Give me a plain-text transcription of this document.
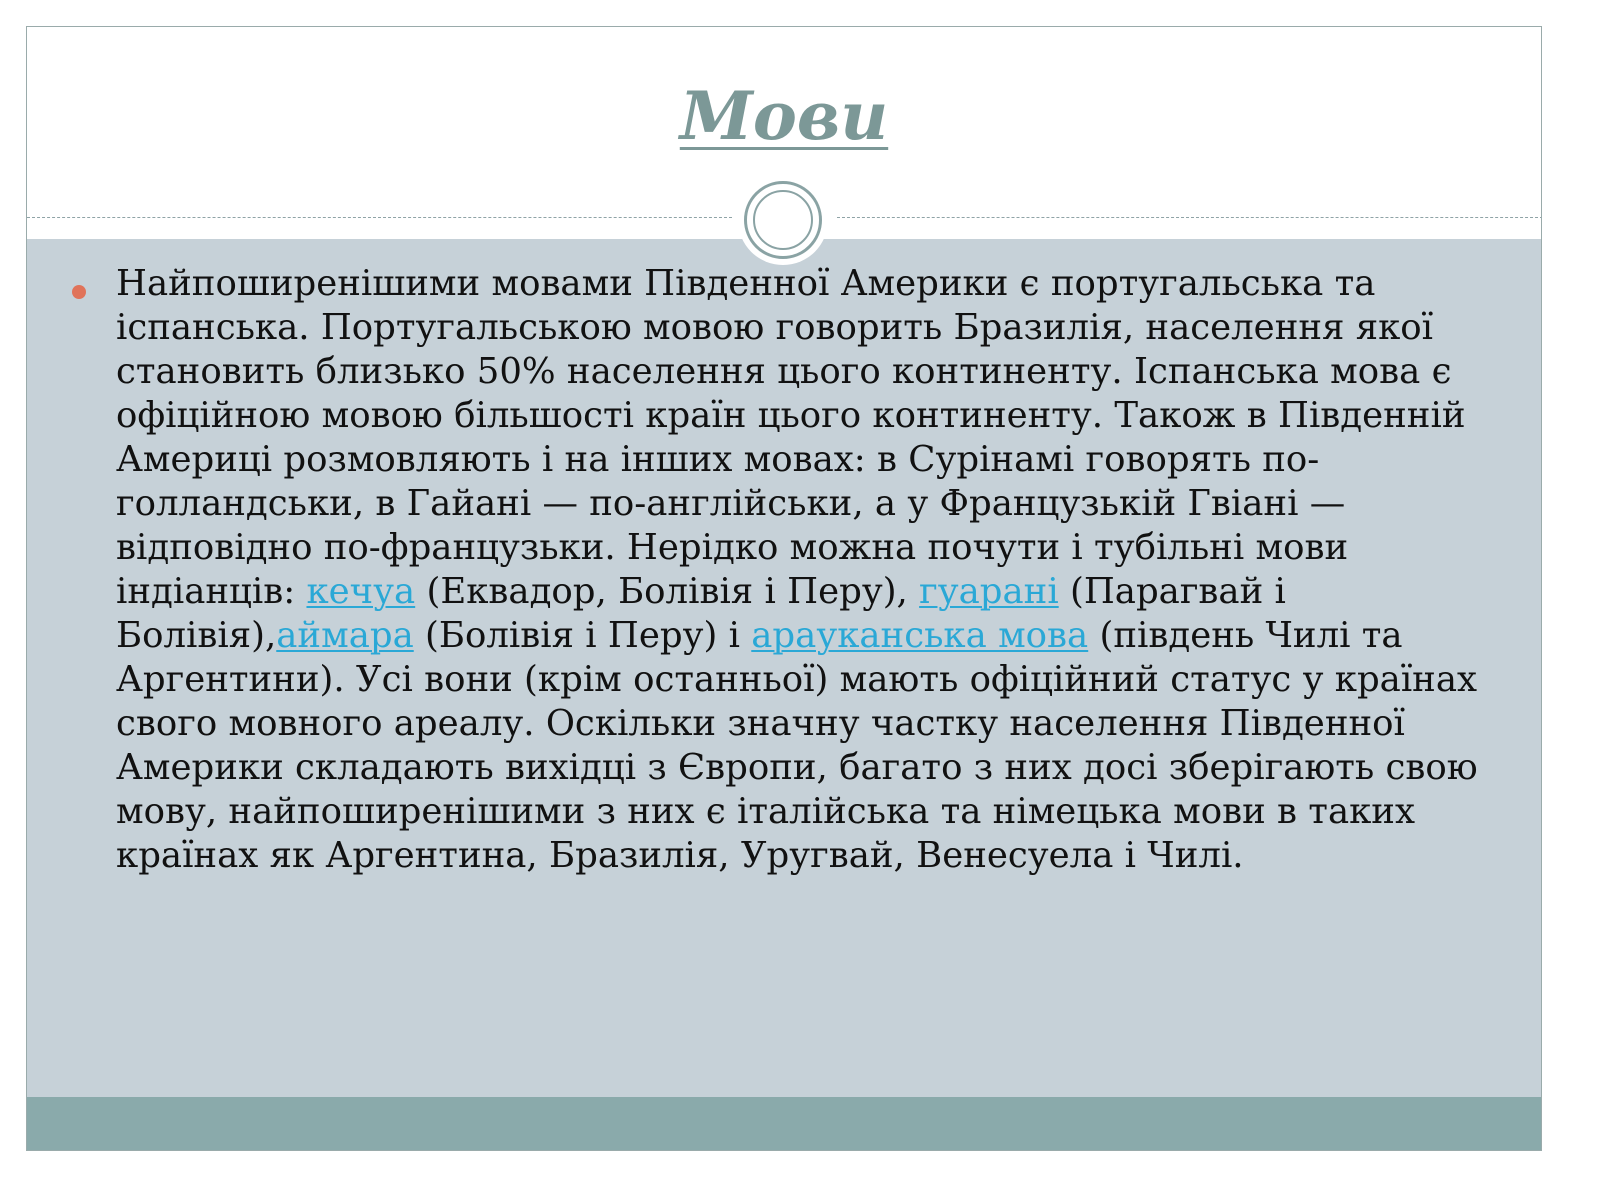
Мови

Найпоширенішими мовами Південної Америки є португальська та іспанська. Португальською мовою говорить Бразилія, населення якої становить близько 50% населення цього континенту. Іспанська мова є офіційною мовою більшості країн цього континенту. Також в Південній Америці розмовляють і на інших мовах: в Сурінамі говорять по-голландськи, в Гайані — по-англійськи, а у Французькій Гвіані — відповідно по-французьки. Нерідко можна почути і тубільні мови індіанців: кечуа (Еквадор, Болівія і Перу), гуарані (Парагвай і Болівія),аймара (Болівія і Перу) і арауканська мова (південь Чилі та Аргентини). Усі вони (крім останньої) мають офіційний статус у країнах свого мовного ареалу. Оскільки значну частку населення Південної Америки складають вихідці з Європи, багато з них досі зберігають свою мову, найпоширенішими з них є італійська та німецька мови в таких країнах як Аргентина, Бразилія, Уругвай, Венесуела і Чилі.
